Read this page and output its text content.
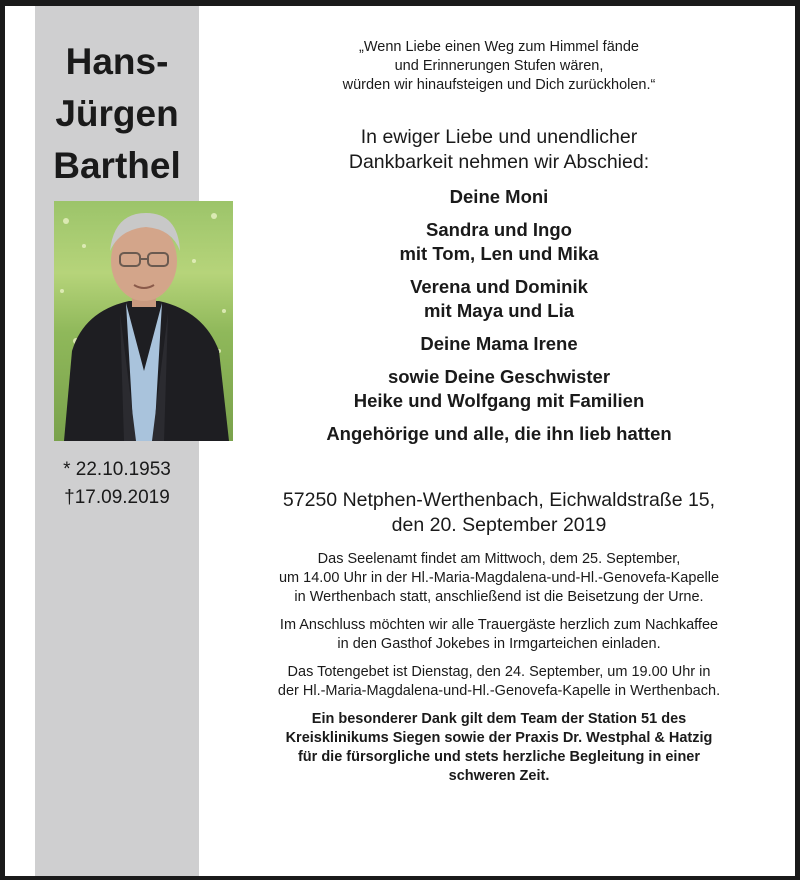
Hans-
Jürgen
Barthel
* 22.10.1953
†17.09.2019
„Wenn Liebe einen Weg zum Himmel fände
und Erinnerungen Stufen wären,
würden wir hinaufsteigen und Dich zurückholen.“
In ewiger Liebe und unendlicher
Dankbarkeit nehmen wir Abschied:
Deine Moni
Sandra und Ingo
mit Tom, Len und Mika
Verena und Dominik
mit Maya und Lia
Deine Mama Irene
sowie Deine Geschwister
Heike und Wolfgang mit Familien
Angehörige und alle, die ihn lieb hatten
57250 Netphen-Werthenbach, Eichwaldstraße 15,
den 20. September 2019

Das Seelenamt findet am Mittwoch, dem 25. September,
um 14.00 Uhr in der Hl.-Maria-Magdalena-und-Hl.-Genovefa-Kapelle
in Werthenbach statt, anschließend ist die Beisetzung der Urne.

Im Anschluss möchten wir alle Trauergäste herzlich zum Nachkaffee
in den Gasthof Jokebes in Irmgarteichen einladen.

Das Totengebet ist Dienstag, den 24. September, um 19.00 Uhr in
der Hl.-Maria-Magdalena-und-Hl.-Genovefa-Kapelle in Werthenbach.

Ein besonderer Dank gilt dem Team der Station 51 des
Kreisklinikums Siegen sowie der Praxis Dr. Westphal & Hatzig
für die fürsorgliche und stets herzliche Begleitung in einer
schweren Zeit.
